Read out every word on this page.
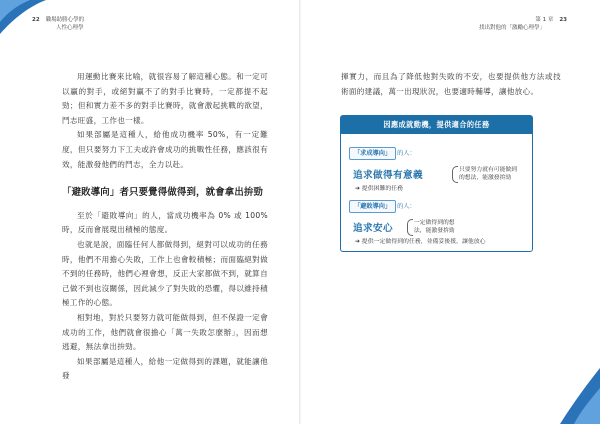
22 職場助勝心學的
人性心理學

用運動比賽來比喻，就很容易了解這種心態。和一定可以贏的對手，或絕對贏不了的對手比賽時，一定都提不起勁；但和實力差不多的對手比賽時，就會激起挑戰的欲望，鬥志旺盛，工作也一樣。

如果部屬是這種人，給他成功機率 50%，有一定難度，但只要努力下工夫或許會成功的挑戰性任務，應該很有效，能激發他們的鬥志，全力以赴。

「避敗導向」者只要覺得做得到，就會拿出拚勁

至於「避敗導向」的人，當成功機率為 0% 或 100% 時，反而會展現出積極的態度。

也就是說，面臨任何人都做得到，絕對可以成功的任務時，他們不用擔心失敗，工作上也會較積極；而面臨絕對做不到的任務時，他們心裡會想，反正大家都做不到，就算自己做不到也沒關係，因此減少了對失敗的恐懼，得以維持積極工作的心態。

相對地，對於只要努力就可能做得到，但不保證一定會成功的工作，他們就會很擔心「萬一失敗怎麼辦」，因而想逃避，無法拿出拚勁。

如果部屬是這種人，給他一定做得到的課題，就能讓他發

第 1 章 23
找出對他的「激勵心理學」

揮實力，而且為了降低他對失敗的不安，也要提供他方法或技術面的建議，萬一出現狀況，也要適時輔導，讓他放心。

因應成就動機，提供適合的任務
「求成導向」 的人：
追求做得有意義	只要努力就有可能做到
的想法，能激發拚勁
➔ 提供困難的任務
「避敗導向」 的人：
追求安心	一定做得到的想
法，能激發拚勁
➔ 提供一定做得到的任務，並備妥後援，讓他放心
